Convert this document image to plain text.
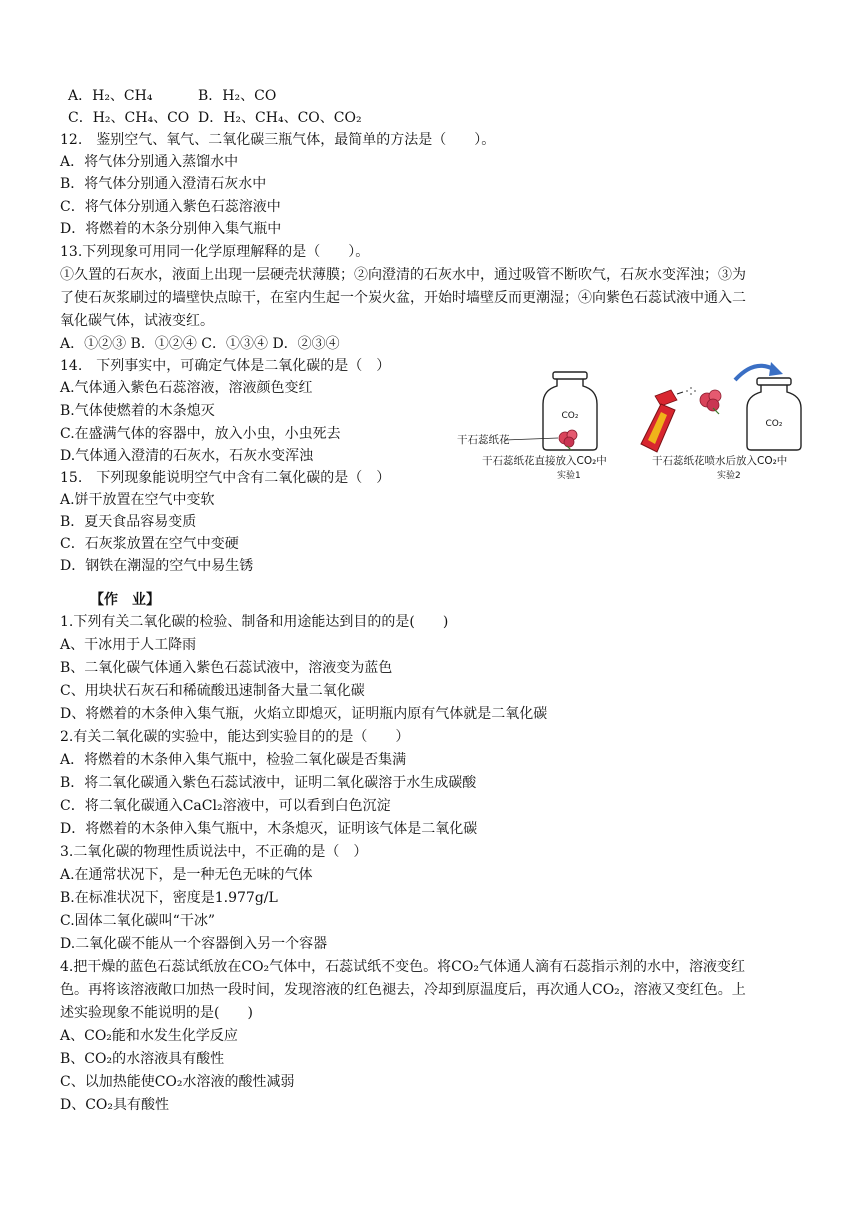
A．H₂、CH₄	B．H₂、CO
C．H₂、CH₄、CO D．H₂、CH₄、CO、CO₂
12.　鉴别空气、氧气、二氧化碳三瓶气体，最简单的方法是（　　）。
A．将气体分别通入蒸馏水中
B．将气体分别通入澄清石灰水中
C．将气体分别通入紫色石蕊溶液中
D．将燃着的木条分别伸入集气瓶中
13.下列现象可用同一化学原理解释的是（　　）。
①久置的石灰水，液面上出现一层硬壳状薄膜；②向澄清的石灰水中，通过吸管不断吹气，石灰水变浑浊；③为
了使石灰浆刷过的墙壁快点晾干，在室内生起一个炭火盆，开始时墙壁反而更潮湿；④向紫色石蕊试液中通入二
氧化碳气体，试液变红。
A．①②③ B．①②④ C．①③④ D．②③④
14.　下列事实中，可确定气体是二氧化碳的是（　）
A.气体通入紫色石蕊溶液，溶液颜色变红
B.气体使燃着的木条熄灭
C.在盛满气体的容器中，放入小虫，小虫死去
D.气体通入澄清的石灰水，石灰水变浑浊
15.　下列现象能说明空气中含有二氧化碳的是（　）
A.饼干放置在空气中变软
B．夏天食品容易变质
C．石灰浆放置在空气中变硬
D．钢铁在潮湿的空气中易生锈
CO₂
干石蕊纸花
干石蕊纸花直接放入CO₂中
实验1
CO₂
干石蕊纸花喷水后放入CO₂中
实验2
【作　业】
1.下列有关二氧化碳的检验、制备和用途能达到目的的是(　　)
A、干冰用于人工降雨
B、二氧化碳气体通入紫色石蕊试液中，溶液变为蓝色
C、用块状石灰石和稀硫酸迅速制备大量二氧化碳
D、将燃着的木条伸入集气瓶，火焰立即熄灭，证明瓶内原有气体就是二氧化碳
2.有关二氧化碳的实验中，能达到实验目的的是（　　）
A．将燃着的木条伸入集气瓶中，检验二氧化碳是否集满
B．将二氧化碳通入紫色石蕊试液中，证明二氧化碳溶于水生成碳酸
C．将二氧化碳通入CaCl₂溶液中，可以看到白色沉淀
D．将燃着的木条伸入集气瓶中，木条熄灭，证明该气体是二氧化碳
3.二氧化碳的物理性质说法中，不正确的是（　）
A.在通常状况下，是一种无色无味的气体
B.在标准状况下，密度是1.977g/L
C.固体二氧化碳叫“干冰”
D.二氧化碳不能从一个容器倒入另一个容器
4.把干燥的蓝色石蕊试纸放在CO₂气体中，石蕊试纸不变色。将CO₂气体通人滴有石蕊指示剂的水中，溶液变红
色。再将该溶液敞口加热一段时间，发现溶液的红色褪去，冷却到原温度后，再次通人CO₂，溶液又变红色。上
述实验现象不能说明的是(　　)
A、CO₂能和水发生化学反应
B、CO₂的水溶液具有酸性
C、以加热能使CO₂水溶液的酸性减弱
D、CO₂具有酸性
